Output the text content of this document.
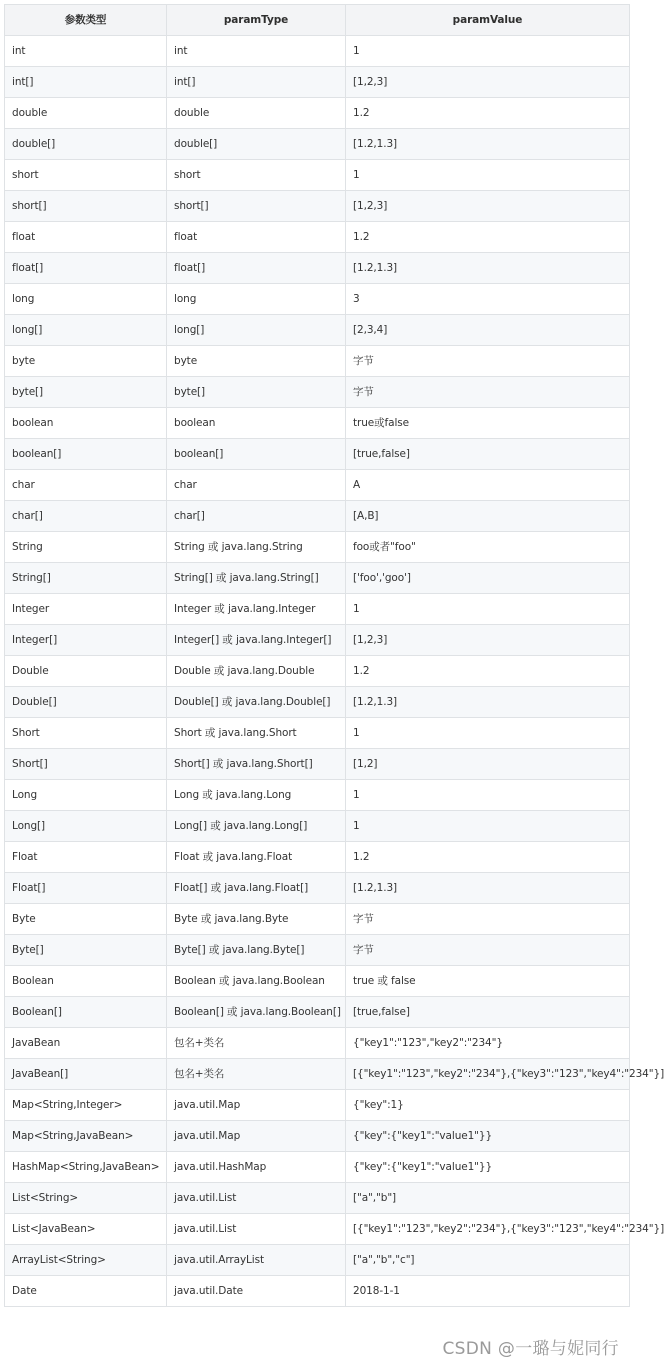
参数类型	paramType	paramValue
int	int	1
int[]	int[]	[1,2,3]
double	double	1.2
double[]	double[]	[1.2,1.3]
short	short	1
short[]	short[]	[1,2,3]
float	float	1.2
float[]	float[]	[1.2,1.3]
long	long	3
long[]	long[]	[2,3,4]
byte	byte	字节
byte[]	byte[]	字节
boolean	boolean	true或false
boolean[]	boolean[]	[true,false]
char	char	A
char[]	char[]	[A,B]
String	String 或 java.lang.String	foo或者"foo"
String[]	String[] 或 java.lang.String[]	['foo','goo']
Integer	Integer 或 java.lang.Integer	1
Integer[]	Integer[] 或 java.lang.Integer[]	[1,2,3]
Double	Double 或 java.lang.Double	1.2
Double[]	Double[] 或 java.lang.Double[]	[1.2,1.3]
Short	Short 或 java.lang.Short	1
Short[]	Short[] 或 java.lang.Short[]	[1,2]
Long	Long 或 java.lang.Long	1
Long[]	Long[] 或 java.lang.Long[]	1
Float	Float 或 java.lang.Float	1.2
Float[]	Float[] 或 java.lang.Float[]	[1.2,1.3]
Byte	Byte 或 java.lang.Byte	字节
Byte[]	Byte[] 或 java.lang.Byte[]	字节
Boolean	Boolean 或 java.lang.Boolean	true 或 false
Boolean[]	Boolean[] 或 java.lang.Boolean[]	[true,false]
JavaBean	包名+类名	{"key1":"123","key2":"234"}
JavaBean[]	包名+类名	[{"key1":"123","key2":"234"},{"key3":"123","key4":"234"}]
Map<String,Integer>	java.util.Map	{"key":1}
Map<String,JavaBean>	java.util.Map	{"key":{"key1":"value1"}}
HashMap<String,JavaBean>	java.util.HashMap	{"key":{"key1":"value1"}}
List<String>	java.util.List	["a","b"]
List<JavaBean>	java.util.List	[{"key1":"123","key2":"234"},{"key3":"123","key4":"234"}]
ArrayList<String>	java.util.ArrayList	["a","b","c"]
Date	java.util.Date	2018-1-1
CSDN @一璐与妮同行
